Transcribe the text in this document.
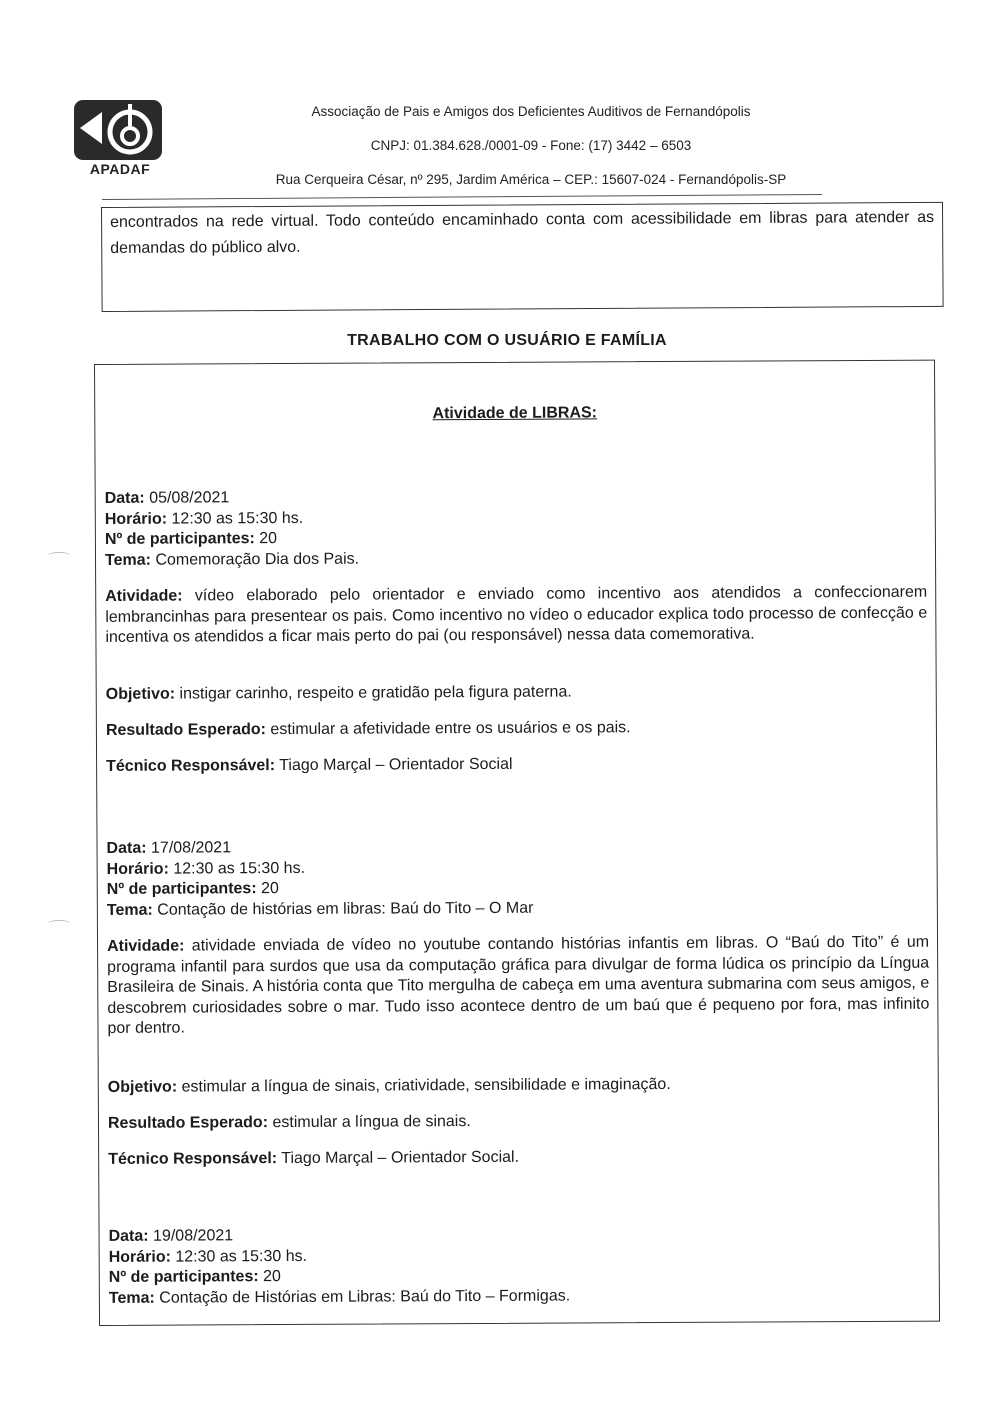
APADAF
Associação de Pais e Amigos dos Deficientes Auditivos de Fernandópolis
CNPJ: 01.384.628./0001-09 - Fone: (17) 3442 – 6503
Rua Cerqueira César, nº 295, Jardim América – CEP.: 15607-024 - Fernandópolis-SP

encontrados na rede virtual. Todo conteúdo encaminhado conta com acessibilidade em libras para atender as demandas do público alvo.

TRABALHO COM O USUÁRIO E FAMÍLIA
Atividade de LIBRAS:
Data: 05/08/2021
Horário: 12:30 as 15:30 hs.
Nº de participantes: 20
Tema: Comemoração Dia dos Pais.

Atividade: vídeo elaborado pelo orientador e enviado como incentivo aos atendidos a confeccionarem lembrancinhas para presentear os pais. Como incentivo no vídeo o educador explica todo processo de confecção e incentiva os atendidos a ficar mais perto do pai (ou responsável) nessa data comemorativa.

Objetivo: instigar carinho, respeito e gratidão pela figura paterna.
Resultado Esperado: estimular a afetividade entre os usuários e os pais.
Técnico Responsável: Tiago Marçal – Orientador Social
Data: 17/08/2021
Horário: 12:30 as 15:30 hs.
Nº de participantes: 20
Tema: Contação de histórias em libras: Baú do Tito – O Mar

Atividade: atividade enviada de vídeo no youtube contando histórias infantis em libras. O “Baú do Tito” é um programa infantil para surdos que usa da computação gráfica para divulgar de forma lúdica os princípio da Língua Brasileira de Sinais. A história conta que Tito mergulha de cabeça em uma aventura submarina com seus amigos, e descobrem curiosidades sobre o mar. Tudo isso acontece dentro de um baú que é pequeno por fora, mas infinito por dentro.

Objetivo: estimular a língua de sinais, criatividade, sensibilidade e imaginação.
Resultado Esperado: estimular a língua de sinais.
Técnico Responsável: Tiago Marçal – Orientador Social.
Data: 19/08/2021
Horário: 12:30 as 15:30 hs.
Nº de participantes: 20
Tema: Contação de Histórias em Libras: Baú do Tito – Formigas.
